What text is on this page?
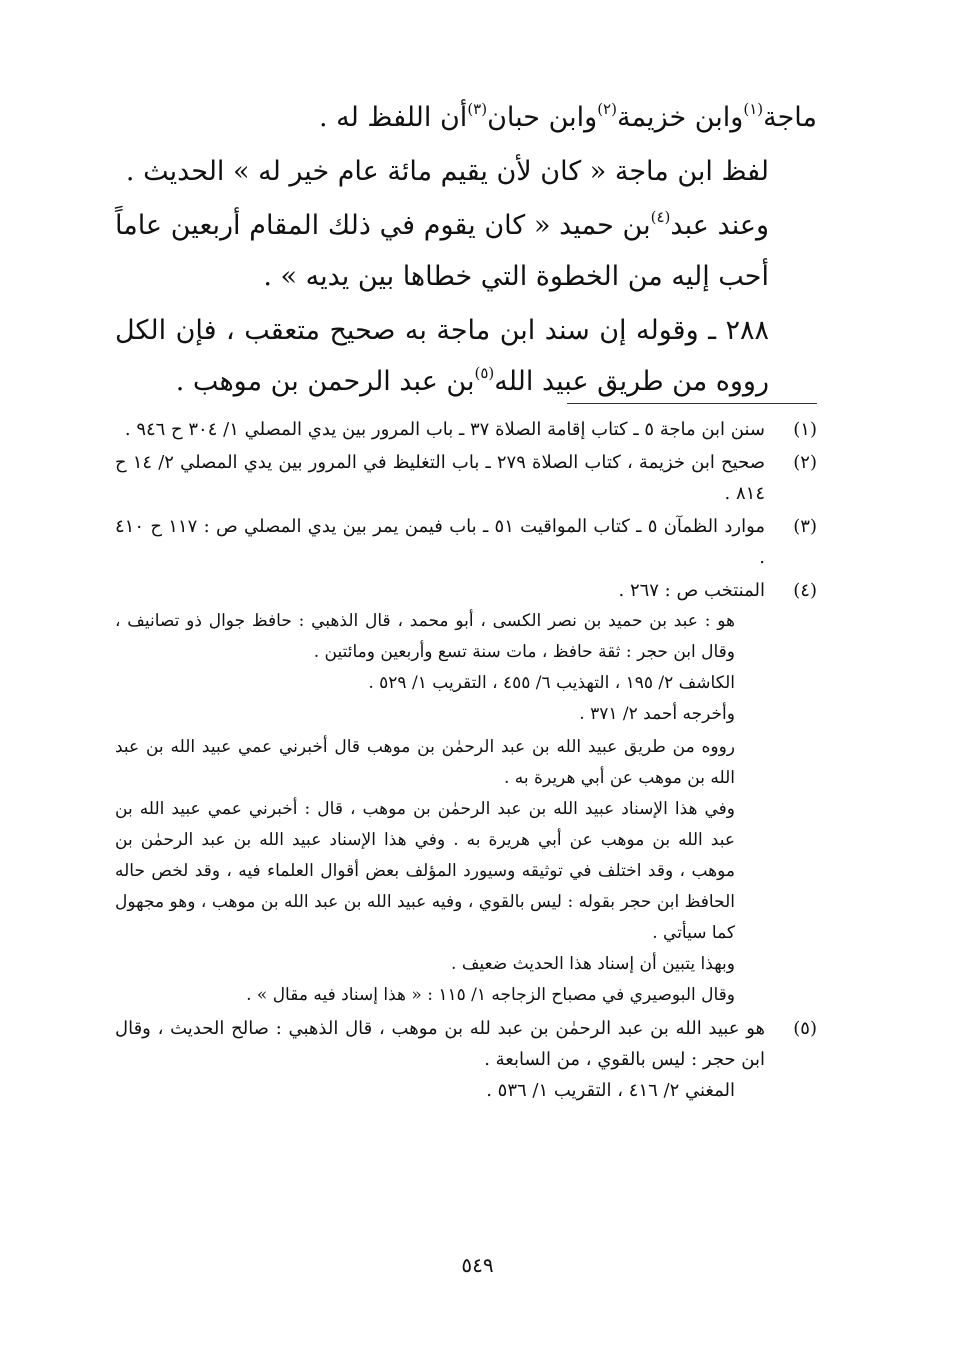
ماجة$^{(١)}$وابن خزيمة$^{(٢)}$وابن حبان$^{(٣)}$أن اللفظ له .

لفظ ابن ماجة « كان لأن يقيم مائة عام خير له » الحديث .

وعند عبد$^{(٤)}$بن حميد « كان يقوم في ذلك المقام أربعين عاماً أحب إليه من الخطوة التي خطاها بين يديه » .

٢٨٨ ـ وقوله إن سند ابن ماجة به صحيح متعقب ، فإن الكل رووه من طريق عبيد الله$^{(٥)}$بن عبد الرحمن بن موهب .

(١)
سنن ابن ماجة ٥ ـ كتاب إقامة الصلاة ٣٧ ـ باب المرور بين يدي المصلي ١/ ٣٠٤ ح ٩٤٦ .
(٢)
صحيح ابن خزيمة ، كتاب الصلاة ٢٧٩ ـ باب التغليظ في المرور بين يدي المصلي ٢/ ١٤ ح ٨١٤ .
(٣)
موارد الظمآن ٥ ـ كتاب المواقيت ٥١ ـ باب فيمن يمر بين يدي المصلي ص : ١١٧ ح ٤١٠ .
(٤)
المنتخب ص : ٢٦٧ .
هو : عبد بن حميد بن نصر الكسى ، أبو محمد ، قال الذهبي : حافظ جوال ذو تصانيف ، وقال ابن حجر : ثقة حافظ ، مات سنة تسع وأربعين ومائتين .
الكاشف ٢/ ١٩٥ ، التهذيب ٦/ ٤٥٥ ، التقريب ١/ ٥٢٩ .
وأخرجه أحمد ٢/ ٣٧١ .
رووه من طريق عبيد الله بن عبد الرحمٰن بن موهب قال أخبرني عمي عبيد الله بن عبد الله بن موهب عن أبي هريرة به .
وفي هذا الإسناد عبيد الله بن عبد الرحمٰن بن موهب ، قال : أخبرني عمي عبيد الله بن عبد الله بن موهب عن أبي هريرة به . وفي هذا الإسناد عبيد الله بن عبد الرحمٰن بن موهب ، وقد اختلف في توثيقه وسيورد المؤلف بعض أقوال العلماء فيه ، وقد لخص حاله الحافظ ابن حجر بقوله : ليس بالقوي ، وفيه عبيد الله بن عبد الله بن موهب ، وهو مجهول كما سيأتي .
وبهذا يتبين أن إسناد هذا الحديث ضعيف .
وقال البوصيري في مصباح الزجاجه ١/ ١١٥ : « هذا إسناد فيه مقال » .
(٥)
هو عبيد الله بن عبد الرحمٰن بن عبد لله بن موهب ، قال الذهبي : صالح الحديث ، وقال ابن حجر : ليس بالقوي ، من السابعة .
المغني ٢/ ٤١٦ ، التقريب ١/ ٥٣٦ .
٥٤٩
